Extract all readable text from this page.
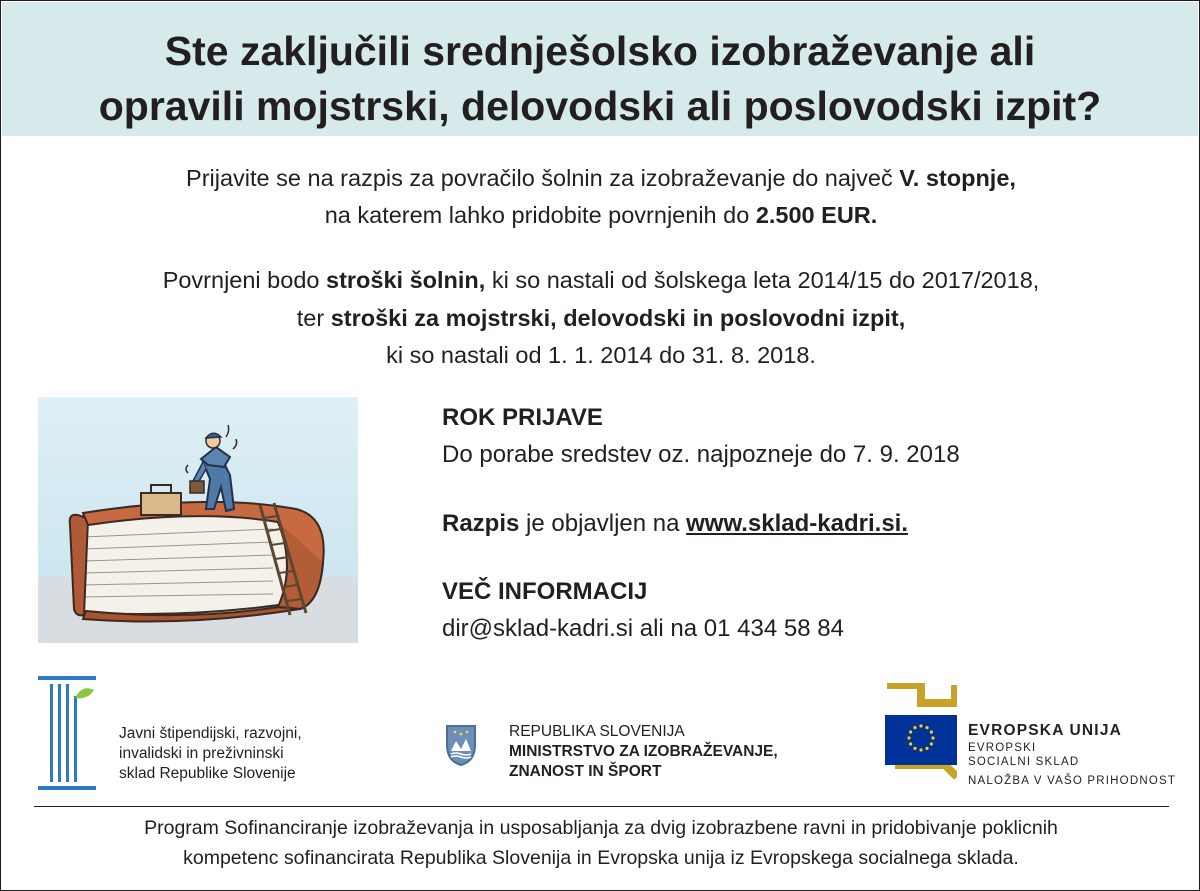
Ste zaključili srednješolsko izobraževanje ali
opravili mojstrski, delovodski ali poslovodski izpit?
Prijavite se na razpis za povračilo šolnin za izobraževanje do največ V. stopnje,
na katerem lahko pridobite povrnjenih do 2.500 EUR.
Povrnjeni bodo stroški šolnin, ki so nastali od šolskega leta 2014/15 do 2017/2018,
ter stroški za mojstrski, delovodski in poslovodni izpit,
ki so nastali od 1. 1. 2014 do 31. 8. 2018.
ROK PRIJAVE
Do porabe sredstev oz. najpozneje do 7. 9. 2018
Razpis je objavljen na www.sklad-kadri.si.
VEČ INFORMACIJ
dir@sklad-kadri.si ali na 01 434 58 84
Javni štipendijski, razvojni,
invalidski in preživninski
sklad Republike Slovenije
REPUBLIKA SLOVENIJA
MINISTRSTVO ZA IZOBRAŽEVANJE,
ZNANOST IN ŠPORT
EVROPSKA UNIJA
EVROPSKI
SOCIALNI SKLAD
NALOŽBA V VAŠO PRIHODNOST
Program Sofinanciranje izobraževanja in usposabljanja za dvig izobrazbene ravni in pridobivanje poklicnih
kompetenc sofinancirata Republika Slovenija in Evropska unija iz Evropskega socialnega sklada.
